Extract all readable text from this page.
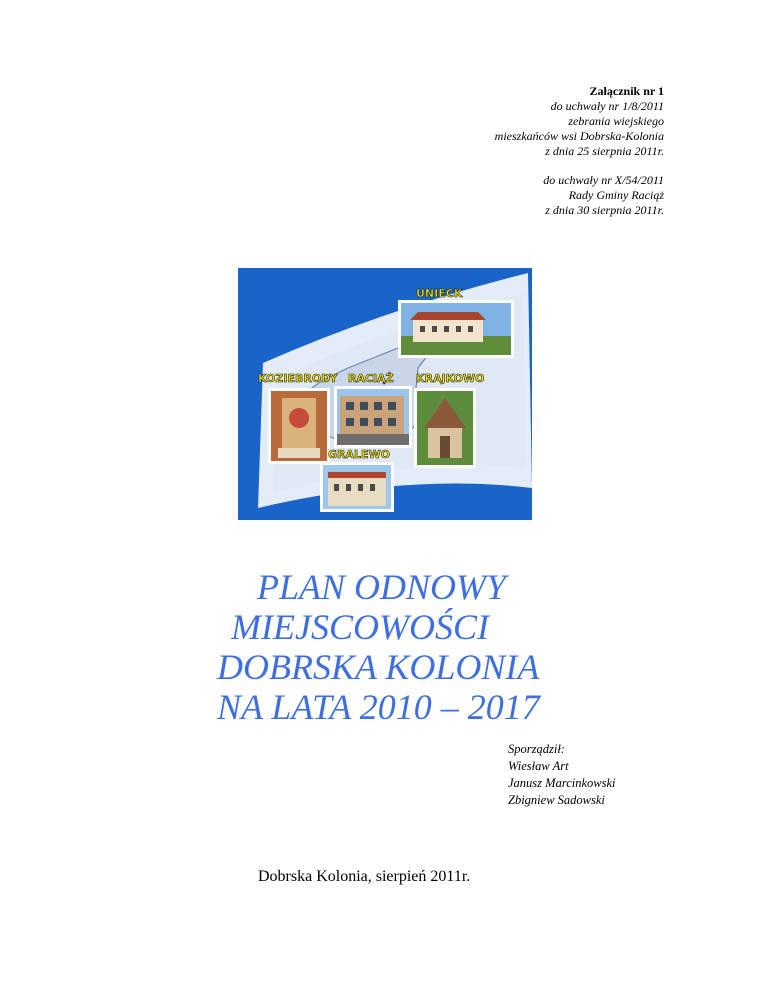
Załącznik nr 1
do uchwały nr 1/8/2011
zebrania wiejskiego
mieszkańców wsi Dobrska-Kolonia
z dnia 25 sierpnia 2011r.
do uchwały nr X/54/2011
Rady Gminy Raciąż
z dnia 30 sierpnia 2011r.
UNIECK
KOZIEBRODY RACIĄŻ KRAJKOWO
GRALEWO
PLAN ODNOWY
MIEJSCOWOŚCI
DOBRSKA KOLONIA
NA LATA 2010 – 2017
Sporządził:
Wiesław Art
Janusz Marcinkowski
Zbigniew Sadowski
Dobrska Kolonia, sierpień 2011r.
